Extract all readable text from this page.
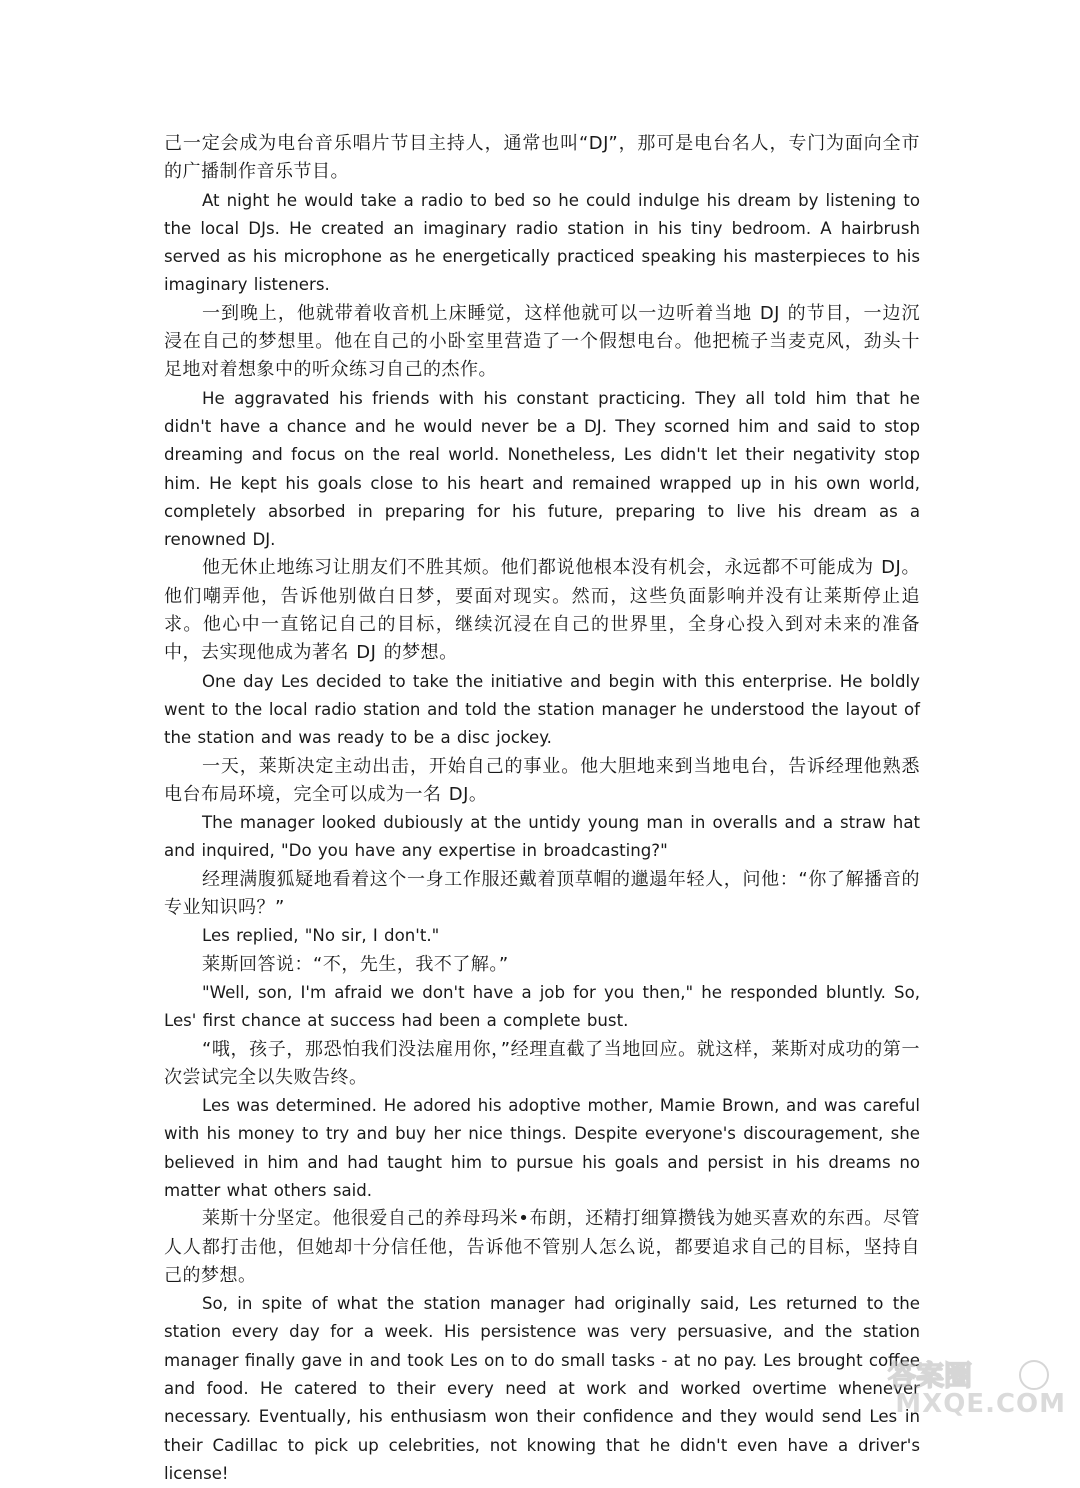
己一定会成为电台音乐唱片节目主持人，通常也叫“DJ”，那可是电台名人，专门为面向全市的广播制作音乐节目。

At night he would take a radio to bed so he could indulge his dream by listening to the local DJs. He created an imaginary radio station in his tiny bedroom. A hairbrush served as his microphone as he energetically practiced speaking his masterpieces to his imaginary listeners.

一到晚上，他就带着收音机上床睡觉，这样他就可以一边听着当地 DJ 的节目，一边沉浸在自己的梦想里。他在自己的小卧室里营造了一个假想电台。他把梳子当麦克风，劲头十足地对着想象中的听众练习自己的杰作。

He aggravated his friends with his constant practicing. They all told him that he didn't have a chance and he would never be a DJ. They scorned him and said to stop dreaming and focus on the real world. Nonetheless, Les didn't let their negativity stop him. He kept his goals close to his heart and remained wrapped up in his own world, completely absorbed in preparing for his future, preparing to live his dream as a renowned DJ.

他无休止地练习让朋友们不胜其烦。他们都说他根本没有机会，永远都不可能成为 DJ。他们嘲弄他，告诉他别做白日梦，要面对现实。然而，这些负面影响并没有让莱斯停止追求。他心中一直铭记自己的目标，继续沉浸在自己的世界里，全身心投入到对未来的准备中，去实现他成为著名 DJ 的梦想。

One day Les decided to take the initiative and begin with this enterprise. He boldly went to the local radio station and told the station manager he understood the layout of the station and was ready to be a disc jockey.

一天，莱斯决定主动出击，开始自己的事业。他大胆地来到当地电台，告诉经理他熟悉电台布局环境，完全可以成为一名 DJ。

The manager looked dubiously at the untidy young man in overalls and a straw hat and inquired, "Do you have any expertise in broadcasting?"

经理满腹狐疑地看着这个一身工作服还戴着顶草帽的邋遢年轻人，问他：“你了解播音的专业知识吗？”

Les replied, "No sir, I don't."

莱斯回答说：“不，先生，我不了解。”

"Well, son, I'm afraid we don't have a job for you then," he responded bluntly. So, Les' first chance at success had been a complete bust.

“哦，孩子，那恐怕我们没法雇用你，”经理直截了当地回应。就这样，莱斯对成功的第一次尝试完全以失败告终。

Les was determined. He adored his adoptive mother, Mamie Brown, and was careful with his money to try and buy her nice things. Despite everyone's discouragement, she believed in him and had taught him to pursue his goals and persist in his dreams no matter what others said.

莱斯十分坚定。他很爱自己的养母玛米•布朗，还精打细算攒钱为她买喜欢的东西。尽管人人都打击他，但她却十分信任他，告诉他不管别人怎么说，都要追求自己的目标，坚持自己的梦想。

So, in spite of what the station manager had originally said, Les returned to the station every day for a week. His persistence was very persuasive, and the station manager finally gave in and took Les on to do small tasks - at no pay. Les brought coffee and food. He catered to their every need at work and worked overtime whenever necessary. Eventually, his enthusiasm won their confidence and they would send Les in their Cadillac to pick up celebrities, not knowing that he didn't even have a driver's license!

答案圈
MXQE.COM
